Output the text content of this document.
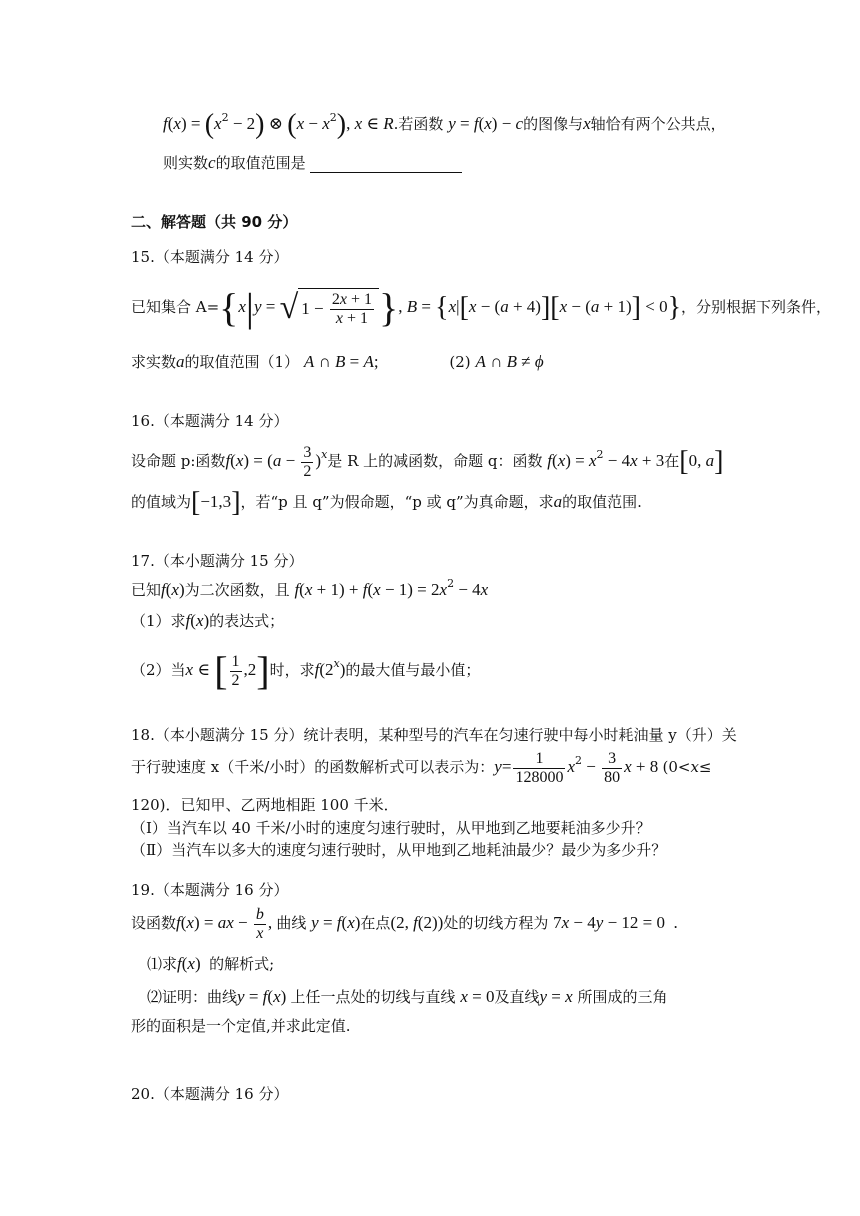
$f(x) = (x^2 - 2)$ ⊗ $(x - x^2)$, x ∈ R.若函数 y = f(x) − c的图像与x轴恰有两个公共点，
则实数c的取值范围是
二、解答题（共 90 分）
15.（本题满分 14 分）
已知集合 A={x|y = √ $1 - \frac{2x + 1}{x + 1}$ }, B = {x|[x − (a + 4)][x − (a + 1)] < 0}，分别根据下列条件，
求实数a的取值范围（1） A ∩ B = A;	(2) A ∩ B ≠ ϕ
16.（本题满分 14 分）
设命题 p:函数$f(x) = (a - \frac{3}{2} )^x$是 R 上的减函数，命题 q：函数 $f(x) = x^2 - 4x + 3$在[0, a]
的值域为[−1,3]，若“p 且 q”为假命题，“p 或 q”为真命题，求a的取值范围.
17.（本小题满分 15 分）
已知f(x)为二次函数，且 $f(x + 1) + f(x - 1) = 2x^2 - 4x$
（1）求f(x)的表达式；
（2）当x ∈ [ $\frac{1}{2} ,2$]时，求f(2$^x$)的最大值与最小值；
18.（本小题满分 15 分）统计表明，某种型号的汽车在匀速行驶中每小时耗油量 y（升）关
于行驶速度 x（千米/小时）的函数解析式可以表示为：$y= \frac{1}{128000} x^2 - \frac{3}{80}$ x + 8 (0<x≤
120)．已知甲、乙两地相距 100 千米．
（Ⅰ）当汽车以 40 千米/小时的速度匀速行驶时，从甲地到乙地要耗油多少升？
（Ⅱ）当汽车以多大的速度匀速行驶时，从甲地到乙地耗油最少？最少为多少升？
19.（本题满分 16 分）
设函数f(x) = ax − $\frac{b}{x}$ , 曲线 y = f(x)在点(2, f(2))处的切线方程为 7x − 4y − 12 = 0  .
⑴求f(x)  的解析式;
⑵证明：曲线y = f(x) 上任一点处的切线与直线 x = 0及直线y = x 所围成的三角
形的面积是一个定值,并求此定值.
20.（本题满分 16 分）
